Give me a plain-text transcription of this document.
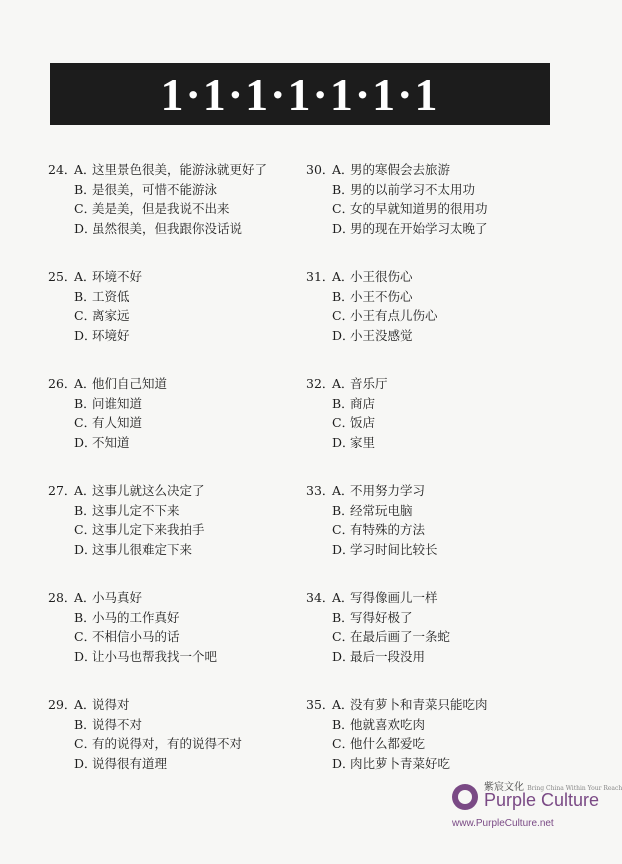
1·1·1·1·1·1·1
24．
A．
这里景色很美，能游泳就更好了
B．
是很美，可惜不能游泳
C．
美是美，但是我说不出来
D．
虽然很美，但我跟你没话说
30．
A．
男的寒假会去旅游
B．
男的以前学习不太用功
C．
女的早就知道男的很用功
D．
男的现在开始学习太晚了
25．
A．
环境不好
B．
工资低
C．
离家远
D．
环境好
31．
A．
小王很伤心
B．
小王不伤心
C．
小王有点儿伤心
D．
小王没感觉
26．
A．
他们自己知道
B．
问谁知道
C．
有人知道
D．
不知道
32．
A．
音乐厅
B．
商店
C．
饭店
D．
家里
27．
A．
这事儿就这么决定了
B．
这事儿定不下来
C．
这事儿定下来我拍手
D．
这事儿很难定下来
33．
A．
不用努力学习
B．
经常玩电脑
C．
有特殊的方法
D．
学习时间比较长
28．
A．
小马真好
B．
小马的工作真好
C．
不相信小马的话
D．
让小马也帮我找一个吧
34．
A．
写得像画儿一样
B．
写得好极了
C．
在最后画了一条蛇
D．
最后一段没用
29．
A．
说得对
B．
说得不对
C．
有的说得对，有的说得不对
D．
说得很有道理
35．
A．
没有萝卜和青菜只能吃肉
B．
他就喜欢吃肉
C．
他什么都爱吃
D．
肉比萝卜青菜好吃
紫宸文化 Bring China Within Your Reach
Purple Culture
www.PurpleCulture.net
